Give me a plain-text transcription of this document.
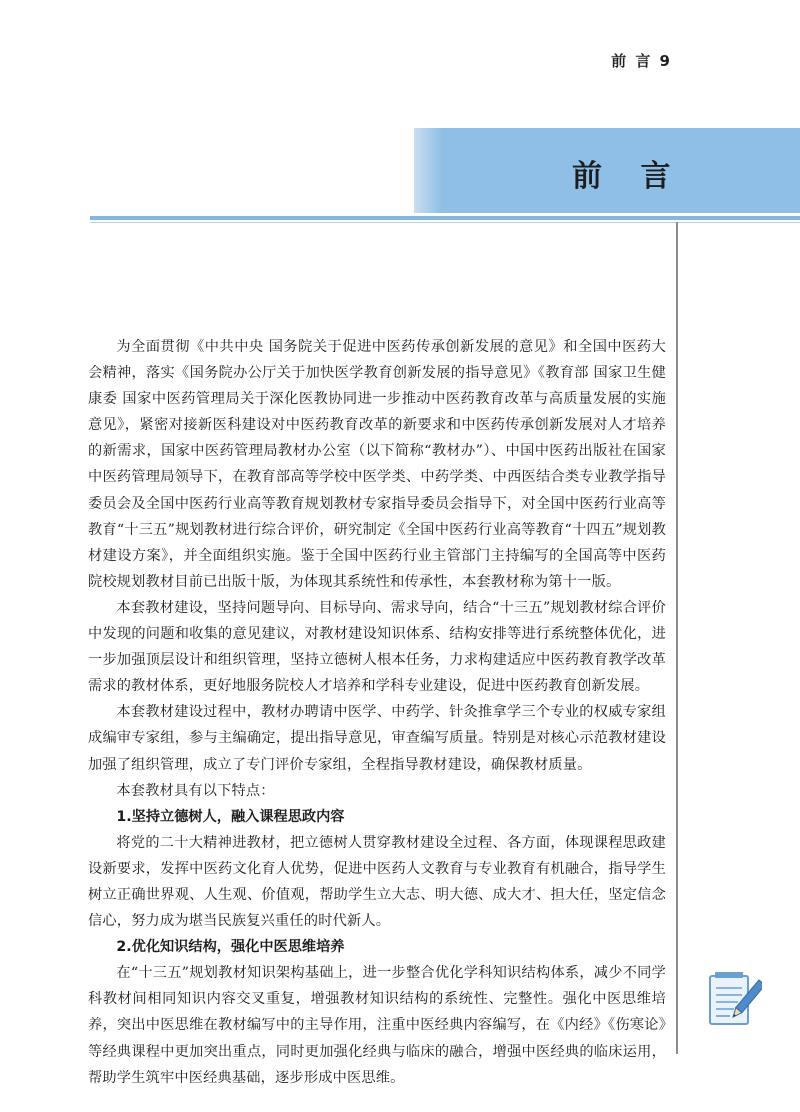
前 言 9
前 言

为全面贯彻《中共中央 国务院关于促进中医药传承创新发展的意见》和全国中医药大会精神，落实《国务院办公厅关于加快医学教育创新发展的指导意见》《教育部 国家卫生健康委 国家中医药管理局关于深化医教协同进一步推动中医药教育改革与高质量发展的实施意见》，紧密对接新医科建设对中医药教育改革的新要求和中医药传承创新发展对人才培养的新需求，国家中医药管理局教材办公室（以下简称“教材办”）、中国中医药出版社在国家中医药管理局领导下，在教育部高等学校中医学类、中药学类、中西医结合类专业教学指导委员会及全国中医药行业高等教育规划教材专家指导委员会指导下，对全国中医药行业高等教育“十三五”规划教材进行综合评价，研究制定《全国中医药行业高等教育“十四五”规划教材建设方案》，并全面组织实施。鉴于全国中医药行业主管部门主持编写的全国高等中医药院校规划教材目前已出版十版，为体现其系统性和传承性，本套教材称为第十一版。

本套教材建设，坚持问题导向、目标导向、需求导向，结合“十三五”规划教材综合评价中发现的问题和收集的意见建议，对教材建设知识体系、结构安排等进行系统整体优化，进一步加强顶层设计和组织管理，坚持立德树人根本任务，力求构建适应中医药教育教学改革需求的教材体系，更好地服务院校人才培养和学科专业建设，促进中医药教育创新发展。

本套教材建设过程中，教材办聘请中医学、中药学、针灸推拿学三个专业的权威专家组成编审专家组，参与主编确定，提出指导意见，审查编写质量。特别是对核心示范教材建设加强了组织管理，成立了专门评价专家组，全程指导教材建设，确保教材质量。

本套教材具有以下特点：

1.坚持立德树人，融入课程思政内容

将党的二十大精神进教材，把立德树人贯穿教材建设全过程、各方面，体现课程思政建设新要求，发挥中医药文化育人优势，促进中医药人文教育与专业教育有机融合，指导学生树立正确世界观、人生观、价值观，帮助学生立大志、明大德、成大才、担大任，坚定信念信心，努力成为堪当民族复兴重任的时代新人。

2.优化知识结构，强化中医思维培养

在“十三五”规划教材知识架构基础上，进一步整合优化学科知识结构体系，减少不同学科教材间相同知识内容交叉重复，增强教材知识结构的系统性、完整性。强化中医思维培养，突出中医思维在教材编写中的主导作用，注重中医经典内容编写，在《内经》《伤寒论》等经典课程中更加突出重点，同时更加强化经典与临床的融合，增强中医经典的临床运用，帮助学生筑牢中医经典基础，逐步形成中医思维。
